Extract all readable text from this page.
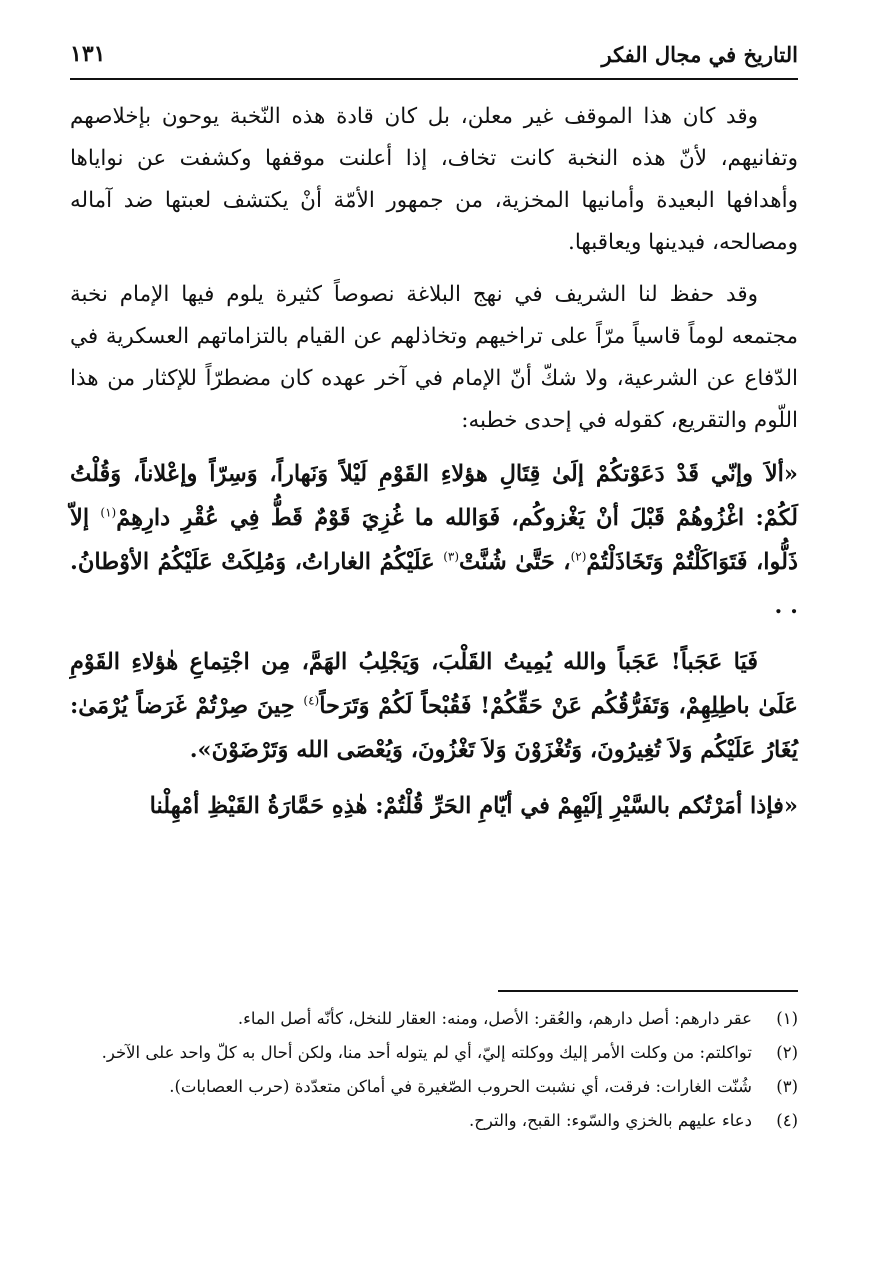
التاريخ في مجال الفكر
١٣١

وقد كان هذا الموقف غير معلن، بل كان قادة هذه النّخبة يوحون بإخلاصهم وتفانيهم، لأنّ هذه النخبة كانت تخاف، إذا أعلنت موقفها وكشفت عن نواياها وأهدافها البعيدة وأمانيها المخزية، من جمهور الأمّة أنْ يكتشف لعبتها ضد آماله ومصالحه، فيدينها ويعاقبها.

وقد حفظ لنا الشريف في نهج البلاغة نصوصاً كثيرة يلوم فيها الإمام نخبة مجتمعه لوماً قاسياً مرّاً على تراخيهم وتخاذلهم عن القيام بالتزاماتهم العسكرية في الدّفاع عن الشرعية، ولا شكّ أنّ الإمام في آخر عهده كان مضطرّاً للإكثار من هذا اللّوم والتقريع، كقوله في إحدى خطبه:

«ألاَ وإنّي قَدْ دَعَوْتكُمْ إلَىٰ قِتَالِ هؤلاءِ القَوْمِ لَيْلاً وَنَهاراً، وَسِرّاً وإعْلاناً، وَقُلْتُ لَكُمْ: اغْزُوهُمْ قَبْلَ أنْ يَغْزوكُم، فَوَالله ما غُزِيَ قَوْمٌ قَطُّ فِي عُقْرِ دارِهِمْ$^{(١)}$ إلاّ ذَلُّوا، فَتَوَاكَلْتُمْ وَتَخَاذَلْتُمْ$^{(٢)}$، حَتَّىٰ شُنَّتْ$^{(٣)}$ عَلَيْكُمُ الغاراتُ، وَمُلِكَتْ عَلَيْكُمُ الأوْطانُ. . .

فَيَا عَجَباً! عَجَباً والله يُمِيتُ القَلْبَ، وَيَجْلِبُ الهَمَّ، مِن اجْتِماعِ هٰؤلاءِ القَوْمِ عَلَىٰ باطِلِهِمْ، وَتَفَرُّقُكُم عَنْ حَقِّكُمْ! فَقُبْحاً لَكُمْ وَتَرَحاً$^{(٤)}$ حِينَ صِرْتُمْ غَرَضاً يُرْمَىٰ: يُغَارُ عَلَيْكُم وَلاَ تُغِيرُونَ، وَتُغْزَوْنَ وَلاَ تَغْزُونَ، وَيُعْصَى الله وَتَرْضَوْنَ».

«فإذا أمَرْتُكم بالسَّيْرِ إلَيْهِمْ في أيّامِ الحَرِّ قُلْتُمْ: هٰذِهِ حَمَّارَةُ القَيْظِ أمْهِلْنا

(١)
عقر دارهم: أصل دارهم، والعُقر: الأصل، ومنه: العقار للنخل، كأنّه أصل الماء.
(٢)
تواكلتم: من وكلت الأمر إليك ووكلته إليّ، أي لم يتوله أحد منا، ولكن أحال به كلّ واحد على الآخر.
(٣)
شُنّت الغارات: فرقت، أي نشبت الحروب الصّغيرة في أماكن متعدّدة (حرب العصابات).
(٤)
دعاء عليهم بالخزي والسّوء: القبح، والترح.
